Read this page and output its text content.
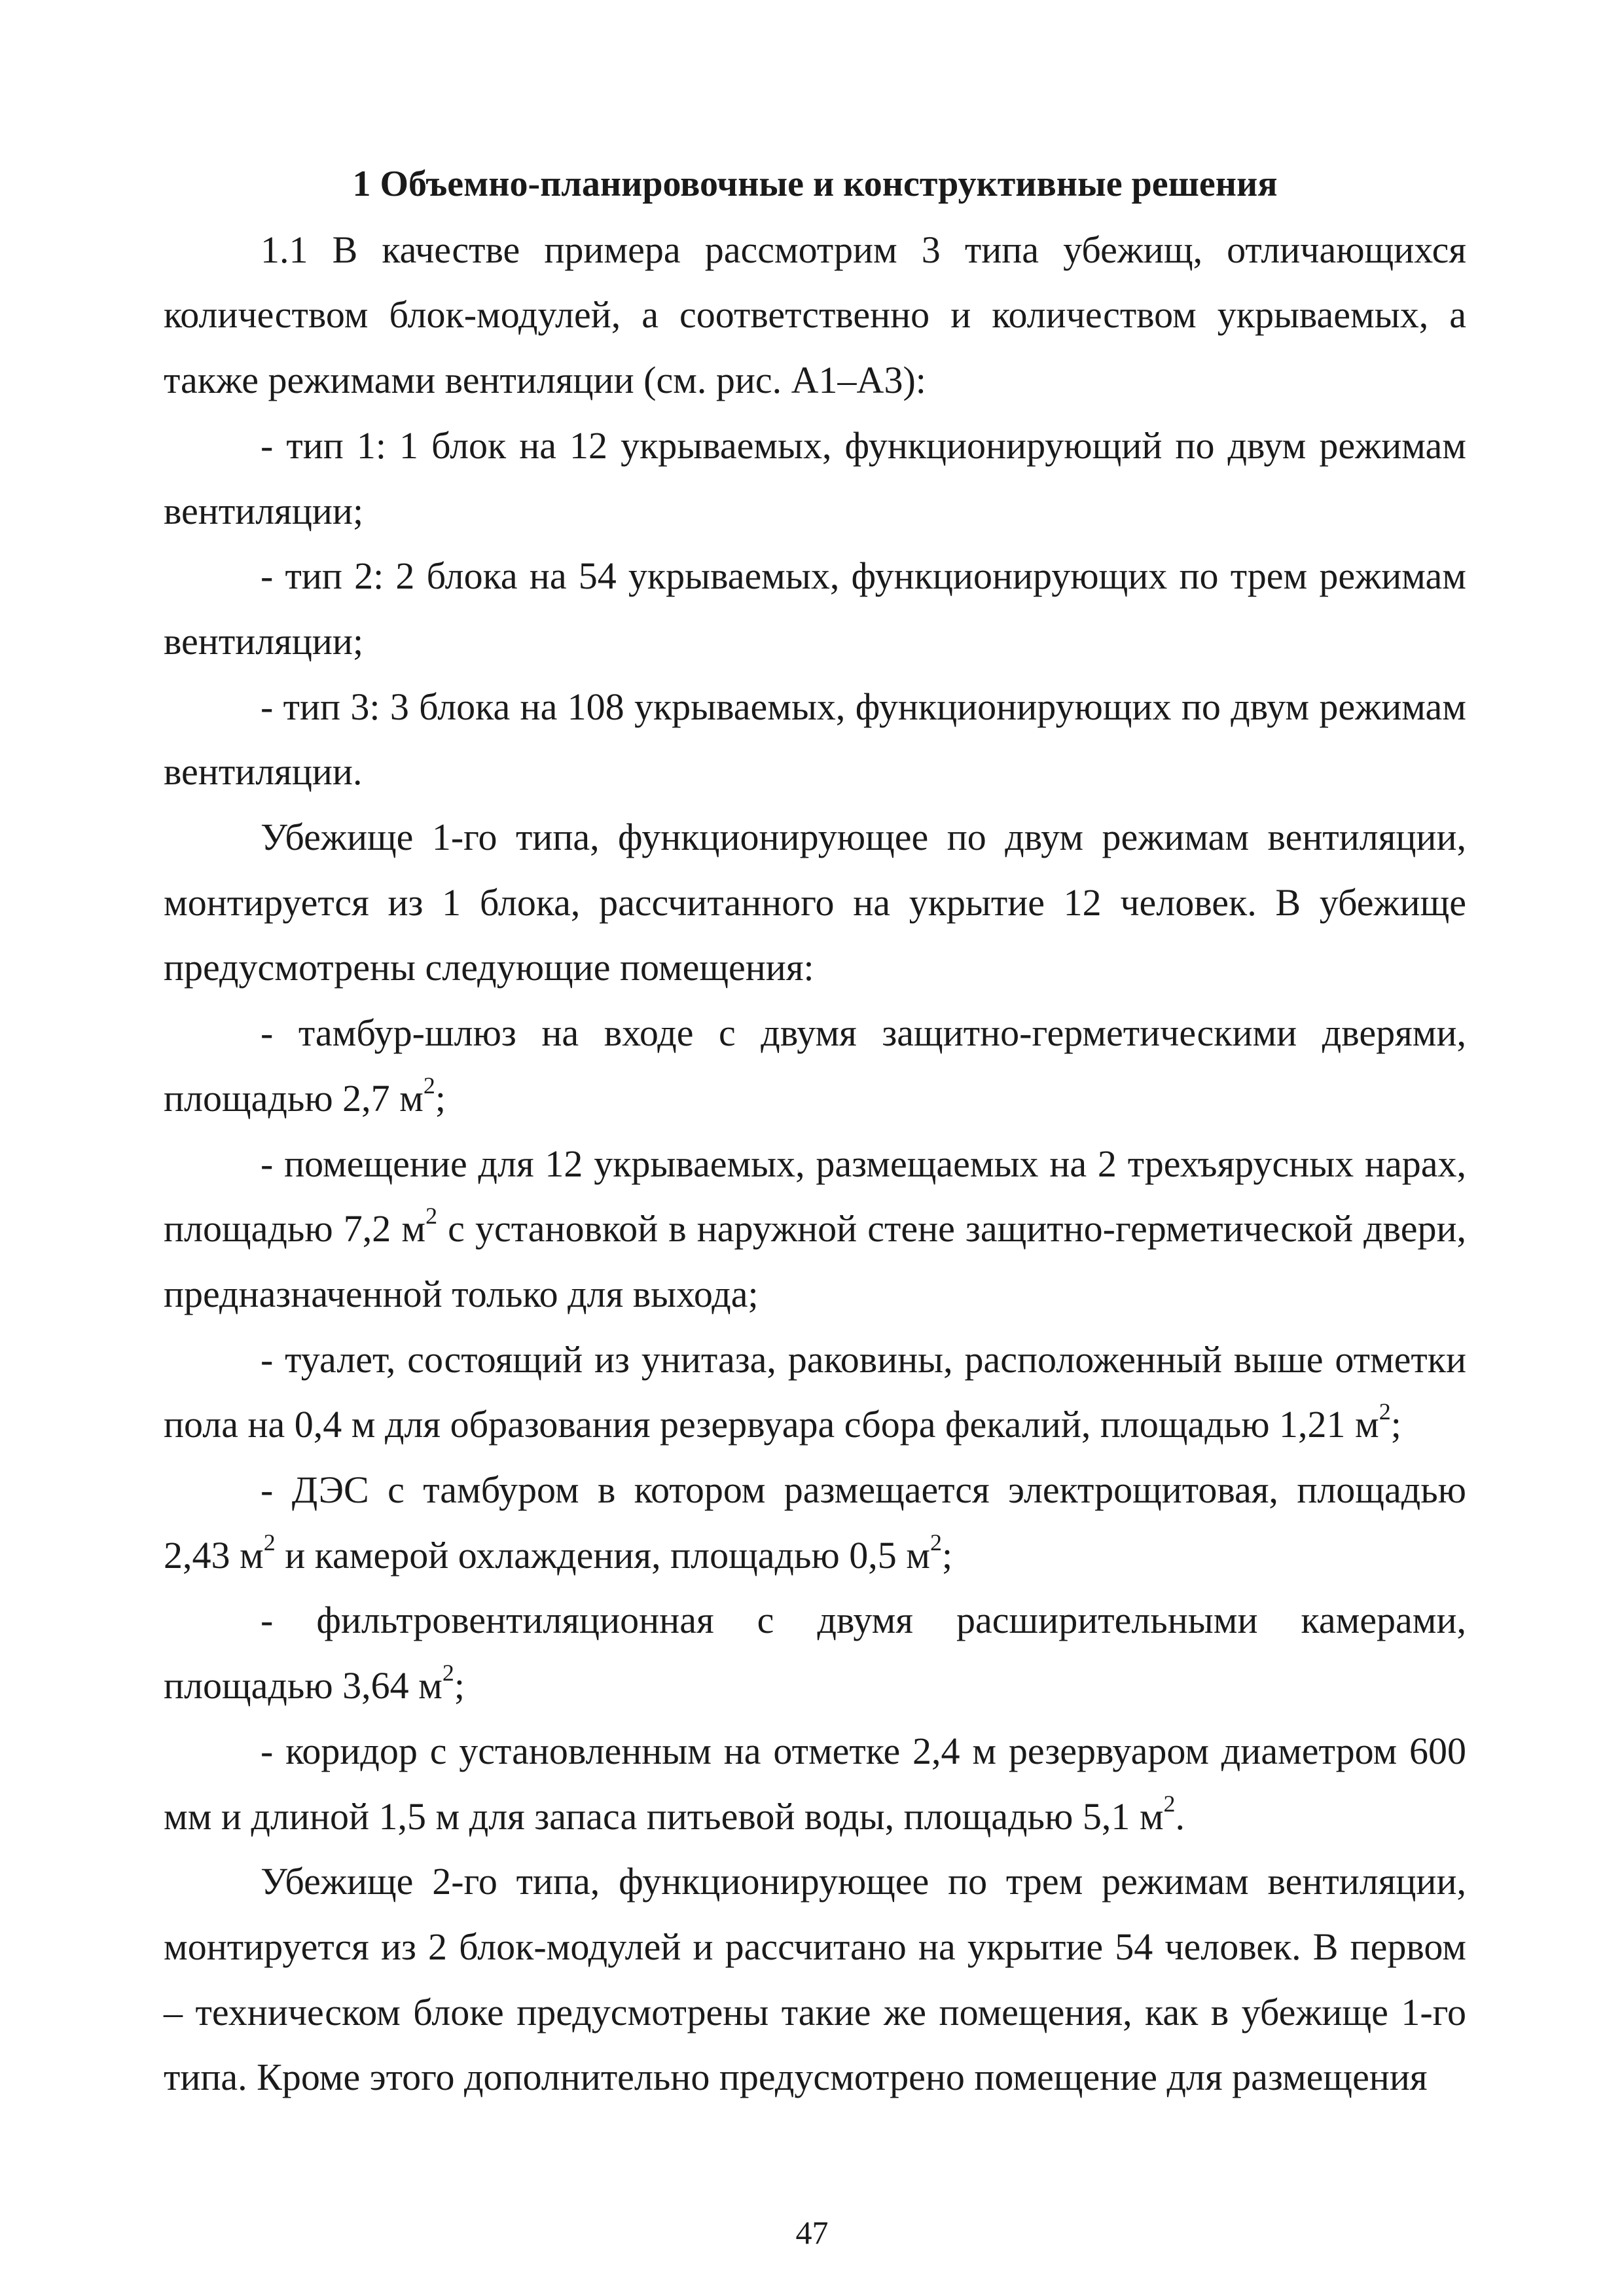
1 Объемно-планировочные и конструктивные решения

1.1 В качестве примера рассмотрим 3 типа убежищ, отличающихся количеством блок-модулей, а соответственно и количеством укрываемых, а также режимами вентиляции (см. рис. А1–А3):

- тип 1: 1 блок на 12 укрываемых, функционирующий по двум режимам вентиляции;

- тип 2: 2 блока на 54 укрываемых, функционирующих по трем режимам вентиляции;

- тип 3: 3 блока на 108 укрываемых, функционирующих по двум режимам вентиляции.

Убежище 1-го типа, функционирующее по двум режимам вентиляции, монтируется из 1 блока, рассчитанного на укрытие 12 человек. В убежище предусмотрены следующие помещения:

- тамбур-шлюз на входе с двумя защитно-герметическими дверями, площадью 2,7 $м^2$;

- помещение для 12 укрываемых, размещаемых на 2 трехъярусных нарах, площадью 7,2 $м^2$ с установкой в наружной стене защитно-герметической двери, предназначенной только для выхода;

- туалет, состоящий из унитаза, раковины, расположенный выше отметки пола на 0,4 м для образования резервуара сбора фекалий, площадью 1,21 $м^2$;

- ДЭС с тамбуром в котором размещается электрощитовая, площадью 2,43 $м^2$ и камерой охлаждения, площадью 0,5 $м^2$;

- фильтровентиляционная с двумя расширительными камерами, площадью 3,64 $м^2$;

- коридор с установленным на отметке 2,4 м резервуаром диаметром 600 мм и длиной 1,5 м для запаса питьевой воды, площадью 5,1 $м^2$.

Убежище 2-го типа, функционирующее по трем режимам вентиляции, монтируется из 2 блок-модулей и рассчитано на укрытие 54 человек. В первом – техническом блоке предусмотрены такие же помещения, как в убежище 1-го типа. Кроме этого дополнительно предусмотрено помещение для размещения

47
